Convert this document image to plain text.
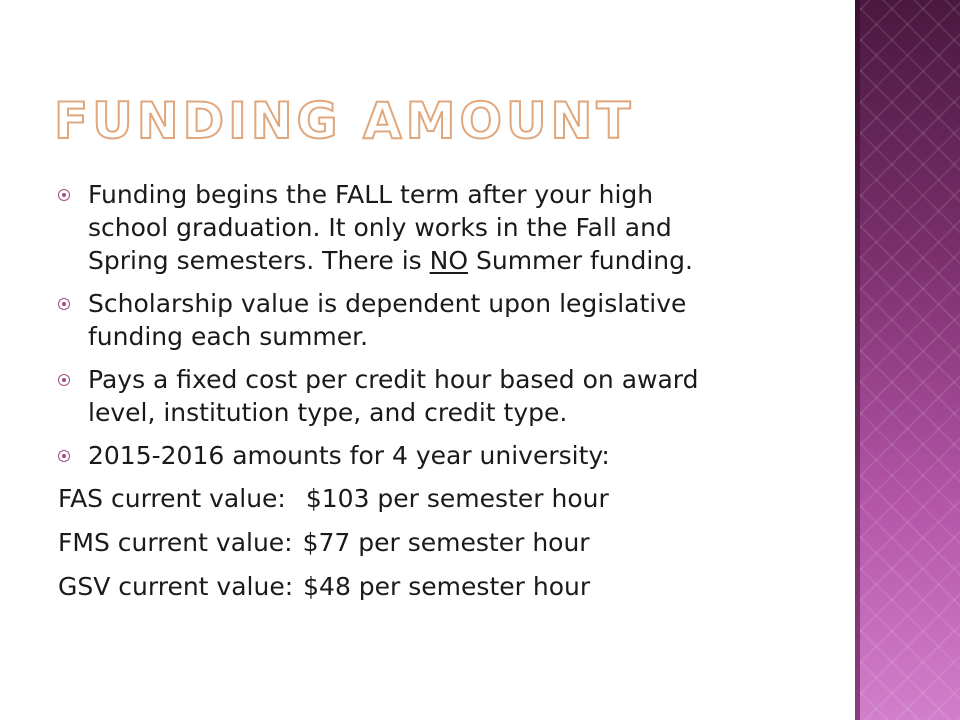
FUNDING AMOUNT
Funding begins the FALL term after your high
school graduation. It only works in the Fall and
Spring semesters. There is NO Summer funding.
Scholarship value is dependent upon legislative
funding each summer.
Pays a fixed cost per credit hour based on award
level, institution type, and credit type.
2015-2016 amounts for 4 year university:
FAS current value: $103 per semester hour
FMS current value: $77 per semester hour
GSV current value: $48 per semester hour
